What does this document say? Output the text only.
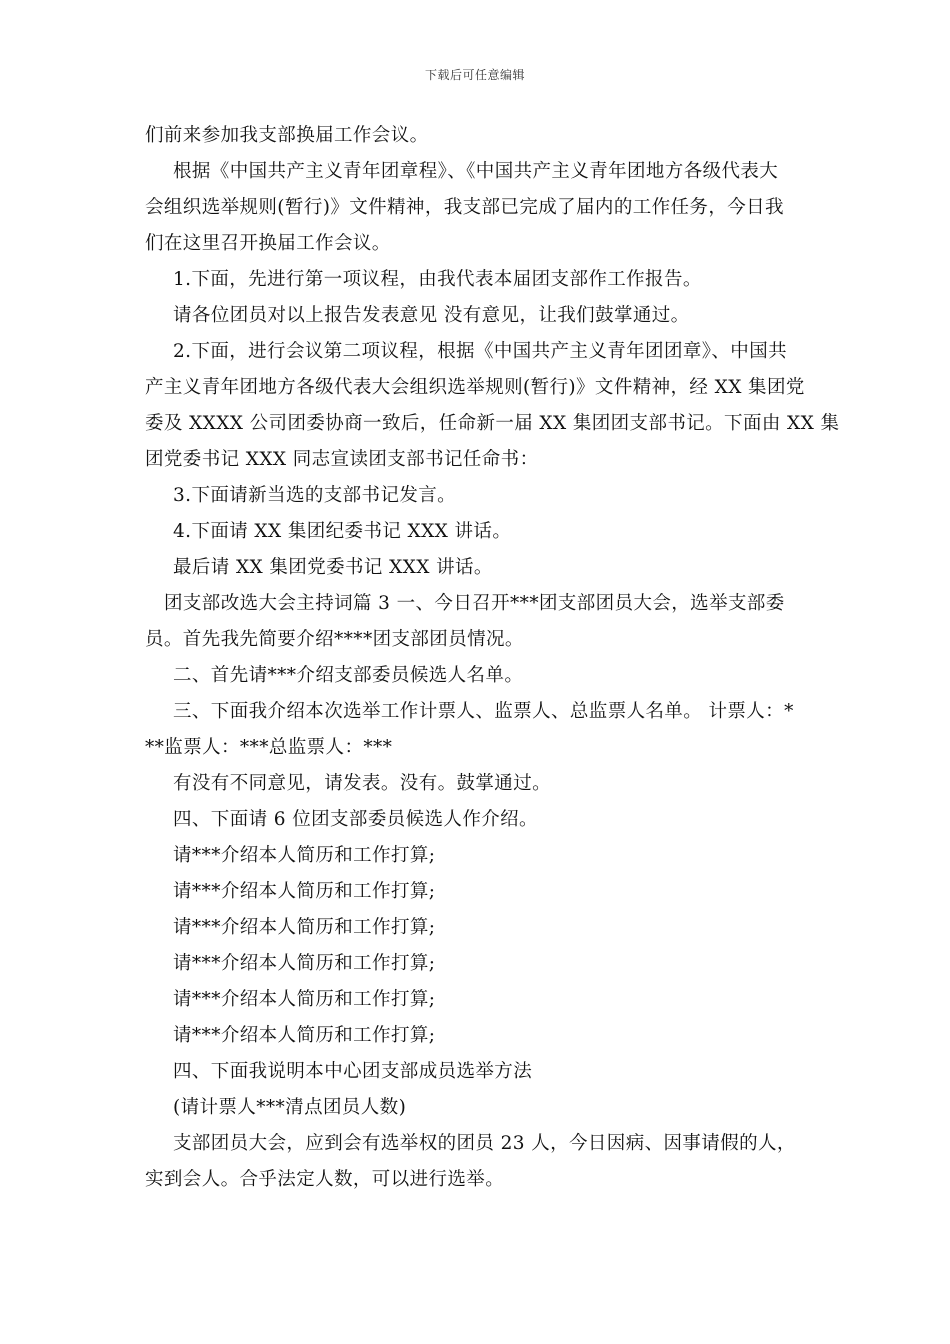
下载后可任意编辑
们前来参加我支部换届工作会议。
根据《中国共产主义青年团章程》、《中国共产主义青年团地方各级代表大
会组织选举规则(暂行)》文件精神，我支部已完成了届内的工作任务，今日我
们在这里召开换届工作会议。
1.下面，先进行第一项议程，由我代表本届团支部作工作报告。
请各位团员对以上报告发表意见 没有意见，让我们鼓掌通过。
2.下面，进行会议第二项议程，根据《中国共产主义青年团团章》、中国共
产主义青年团地方各级代表大会组织选举规则(暂行)》文件精神，经 XX 集团党
委及 XXXX 公司团委协商一致后，任命新一届 XX 集团团支部书记。下面由 XX 集
团党委书记 XXX 同志宣读团支部书记任命书：
3.下面请新当选的支部书记发言。
4.下面请 XX 集团纪委书记 XXX 讲话。
最后请 XX 集团党委书记 XXX 讲话。
团支部改选大会主持词篇 3 一、今日召开***团支部团员大会，选举支部委
员。首先我先简要介绍****团支部团员情况。
二、首先请***介绍支部委员候选人名单。
三、下面我介绍本次选举工作计票人、监票人、总监票人名单。 计票人：*
**监票人：***总监票人：***
有没有不同意见，请发表。没有。鼓掌通过。
四、下面请 6 位团支部委员候选人作介绍。
请***介绍本人简历和工作打算;
请***介绍本人简历和工作打算;
请***介绍本人简历和工作打算;
请***介绍本人简历和工作打算;
请***介绍本人简历和工作打算;
请***介绍本人简历和工作打算;
四、下面我说明本中心团支部成员选举方法
(请计票人***清点团员人数)
支部团员大会，应到会有选举权的团员 23 人，今日因病、因事请假的人，
实到会人。合乎法定人数，可以进行选举。
